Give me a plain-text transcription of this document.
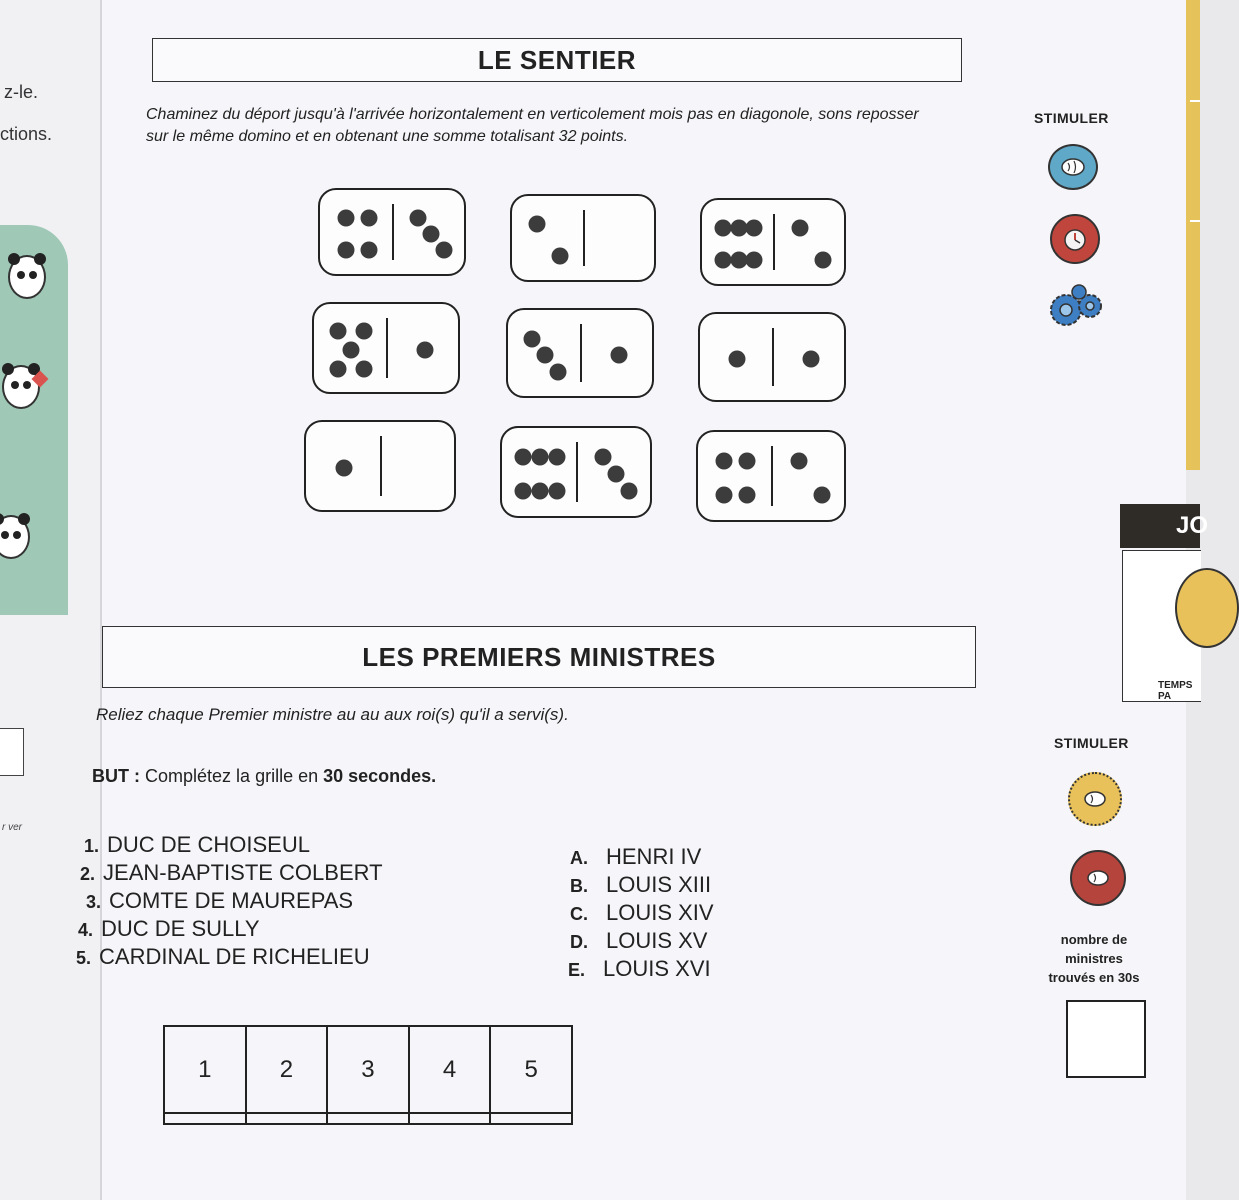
z-le.
ctions.
r ver
LE SENTIER
Chaminez du déport jusqu'à l'arrivée horizontalement en verticolement mois pas en diagonole, sons reposser
sur le même domino et en obtenant une somme totalisant 32 points.
STIMULER
JO
TEMPS PA
LES PREMIERS MINISTRES
Reliez chaque Premier ministre au au aux roi(s) qu'il a servi(s).
BUT : Complétez la grille en 30 secondes.
1. DUC DE CHOISEUL
2. JEAN-BAPTISTE COLBERT
3. COMTE DE MAUREPAS
4. DUC DE SULLY
5. CARDINAL DE RICHELIEU
A. HENRI IV
B. LOUIS XIII
C. LOUIS XIV
D. LOUIS XV
E. LOUIS XVI
1	2	3	4	5

STIMULER
nombre de
ministres
trouvés en 30s
